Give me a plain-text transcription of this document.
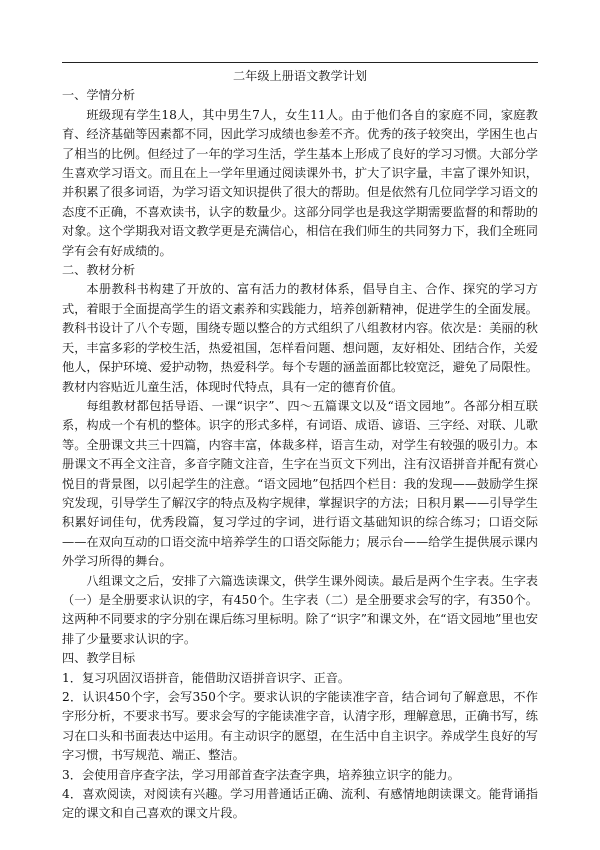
二年级上册语文教学计划

一、学情分析

班级现有学生18人，其中男生7人，女生11人。由于他们各自的家庭不同，家庭教育、经济基础等因素都不同，因此学习成绩也参差不齐。优秀的孩子较突出，学困生也占了相当的比例。但经过了一年的学习生活，学生基本上形成了良好的学习习惯。大部分学生喜欢学习语文。而且在上一学年里通过阅读课外书，扩大了识字量，丰富了课外知识，并积累了很多词语，为学习语文知识提供了很大的帮助。但是依然有几位同学学习语文的态度不正确，不喜欢读书，认字的数量少。这部分同学也是我这学期需要监督的和帮助的对象。这个学期我对语文教学更是充满信心，相信在我们师生的共同努力下，我们全班同学有会有好成绩的。

二、教材分析

本册教科书构建了开放的、富有活力的教材体系，倡导自主、合作、探究的学习方式，着眼于全面提高学生的语文素养和实践能力，培养创新精神，促进学生的全面发展。教科书设计了八个专题，围绕专题以整合的方式组织了八组教材内容。依次是：美丽的秋天，丰富多彩的学校生活，热爱祖国，怎样看问题、想问题，友好相处、团结合作，关爱他人，保护环境、爱护动物，热爱科学。每个专题的涵盖面都比较宽泛，避免了局限性。教材内容贴近儿童生活，体现时代特点，具有一定的德育价值。

每组教材都包括导语、一课“识字”、四～五篇课文以及“语文园地”。各部分相互联系，构成一个有机的整体。识字的形式多样，有词语、成语、谚语、三字经、对联、儿歌等。全册课文共三十四篇，内容丰富，体裁多样，语言生动，对学生有较强的吸引力。本册课文不再全文注音，多音字随文注音，生字在当页文下列出，注有汉语拼音并配有赏心悦目的背景图，以引起学生的注意。“语文园地”包括四个栏目：我的发现——鼓励学生探究发现，引导学生了解汉字的特点及构字规律，掌握识字的方法；日积月累——引导学生积累好词佳句，优秀段篇，复习学过的字词，进行语文基础知识的综合练习；口语交际——在双向互动的口语交流中培养学生的口语交际能力；展示台——给学生提供展示课内外学习所得的舞台。

八组课文之后，安排了六篇选读课文，供学生课外阅读。最后是两个生字表。生字表（一）是全册要求认识的字，有450个。生字表（二）是全册要求会写的字，有350个。这两种不同要求的字分别在课后练习里标明。除了“识字”和课文外，在“语文园地”里也安排了少量要求认识的字。

四、教学目标

1．复习巩固汉语拼音，能借助汉语拼音识字、正音。

2．认识450个字，会写350个字。要求认识的字能读准字音，结合词句了解意思，不作字形分析，不要求书写。要求会写的字能读准字音，认清字形，理解意思，正确书写，练习在口头和书面表达中运用。有主动识字的愿望，在生活中自主识字。养成学生良好的写字习惯，书写规范、端正、整洁。

3．会使用音序查字法，学习用部首查字法查字典，培养独立识字的能力。

4．喜欢阅读，对阅读有兴趣。学习用普通话正确、流利、有感情地朗读课文。能背诵指定的课文和自己喜欢的课文片段。
